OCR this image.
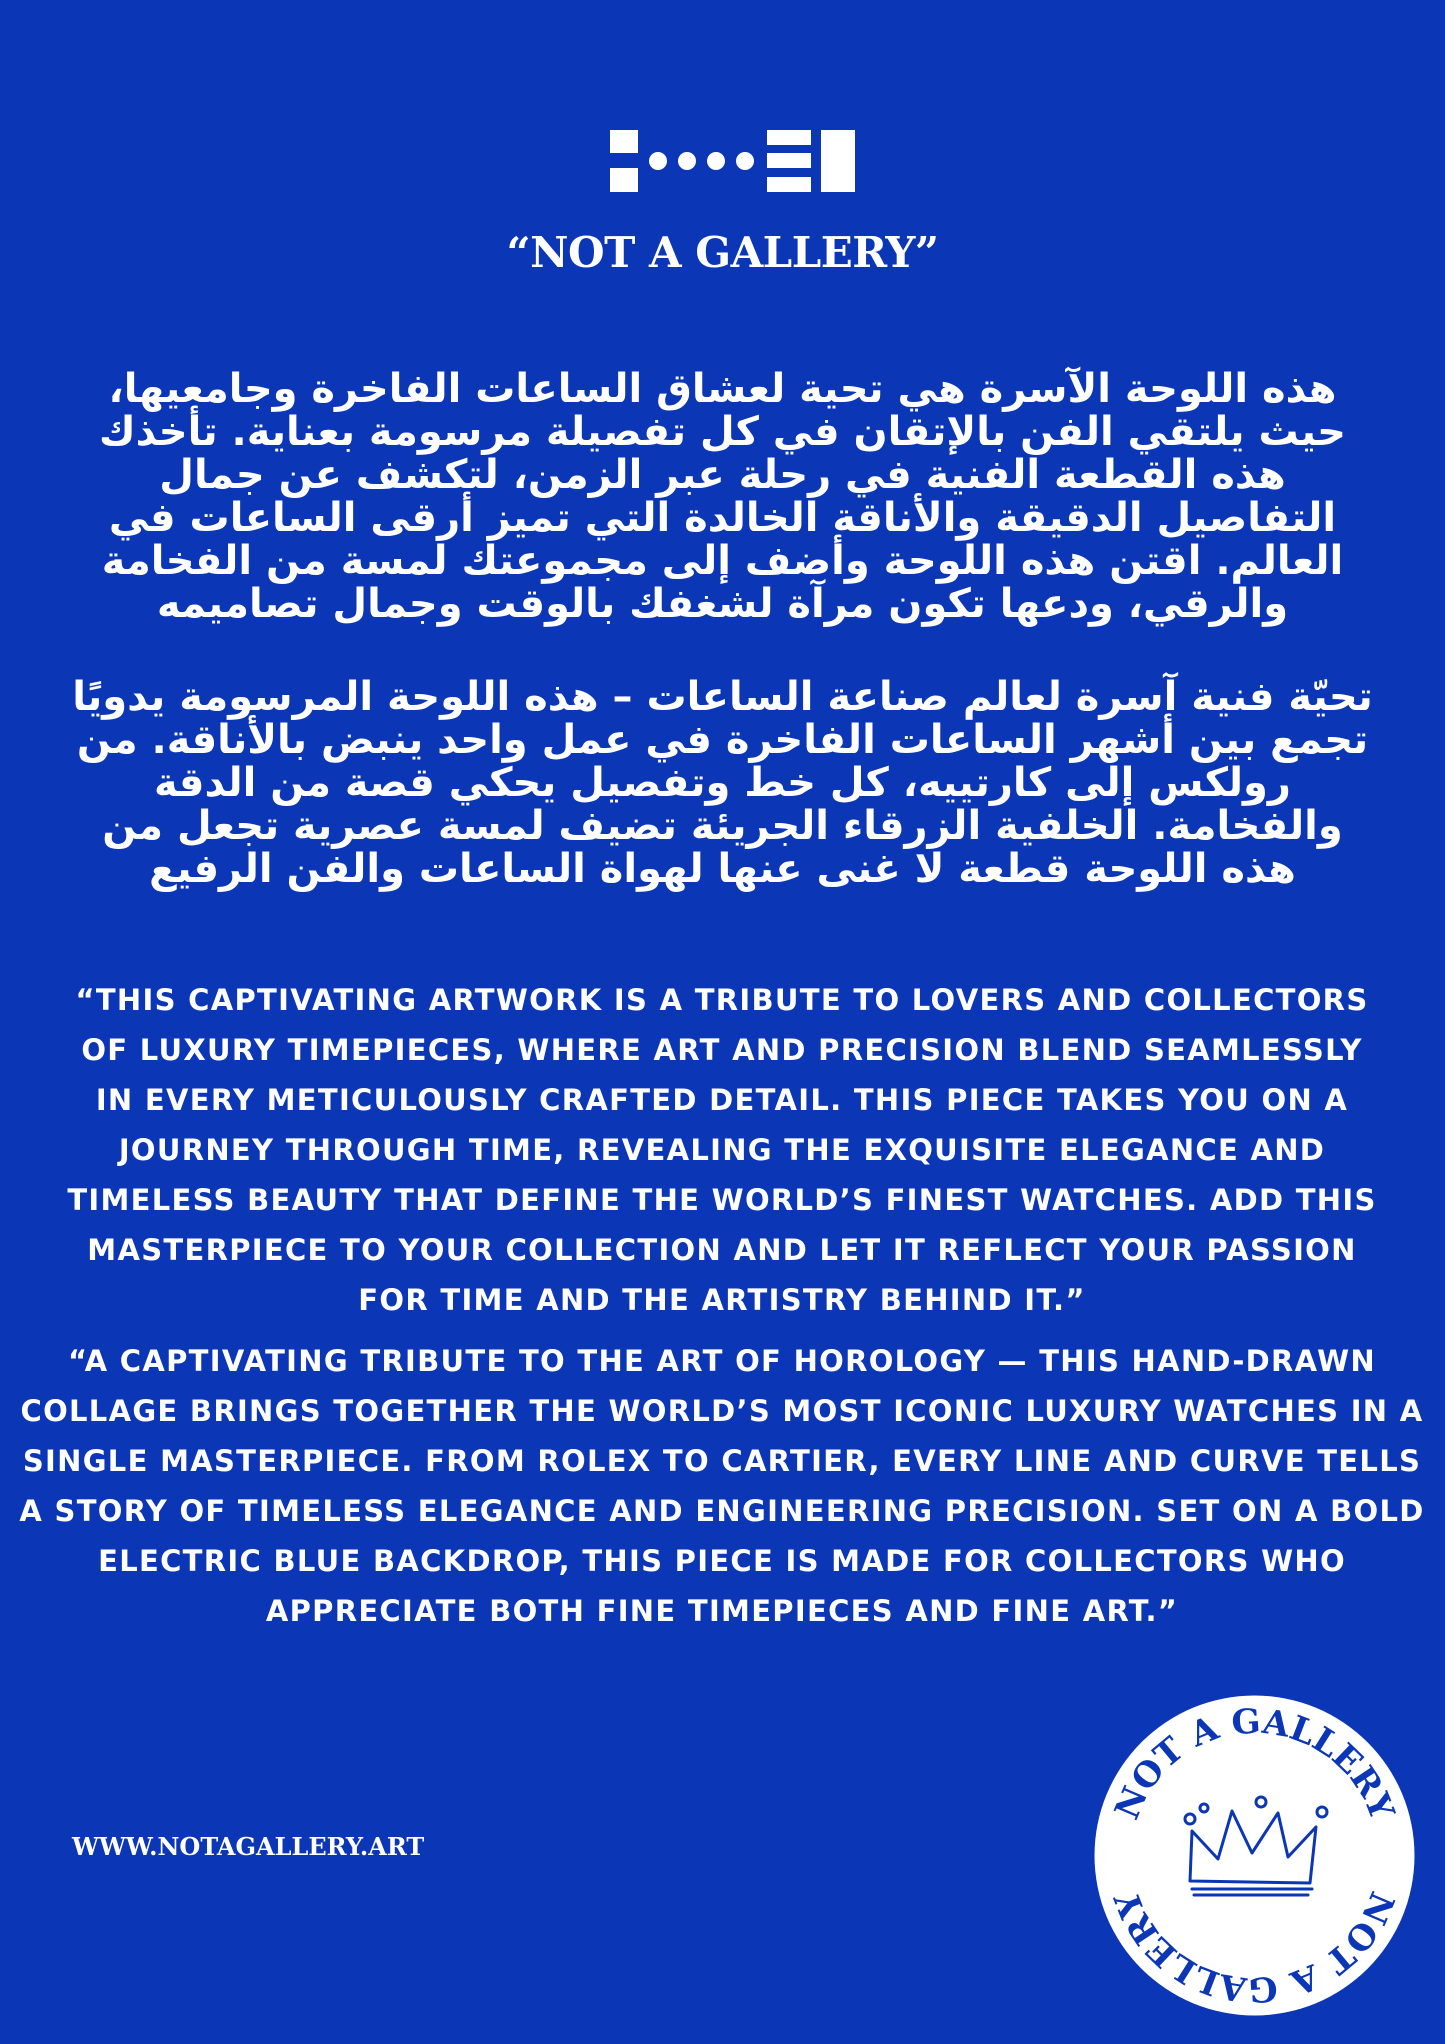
“NOT A GALLERY”

هذه اللوحة الآسرة هي تحية لعشاق الساعات الفاخرة وجامعيها، حيث يلتقي الفن بالإتقان في كل تفصيلة مرسومة بعناية. تأخذك هذه القطعة الفنية في رحلة عبر الزمن، لتكشف عن جمال التفاصيل الدقيقة والأناقة الخالدة التي تميز أرقى الساعات في العالم. اقتن هذه اللوحة وأضف إلى مجموعتك لمسة من الفخامة والرقي، ودعها تكون مرآة لشغفك بالوقت وجمال تصاميمه

تحيّة فنية آسرة لعالم صناعة الساعات – هذه اللوحة المرسومة يدويًا تجمع بين أشهر الساعات الفاخرة في عمل واحد ينبض بالأناقة. من رولكس إلى كارتييه، كل خط وتفصيل يحكي قصة من الدقة والفخامة. الخلفية الزرقاء الجريئة تضيف لمسة عصرية تجعل من هذه اللوحة قطعة لا غنى عنها لهواة الساعات والفن الرفيع

“THIS CAPTIVATING ARTWORK IS A TRIBUTE TO LOVERS AND COLLECTORS OF LUXURY TIMEPIECES, WHERE ART AND PRECISION BLEND SEAMLESSLY IN EVERY METICULOUSLY CRAFTED DETAIL. THIS PIECE TAKES YOU ON A JOURNEY THROUGH TIME, REVEALING THE EXQUISITE ELEGANCE AND TIMELESS BEAUTY THAT DEFINE THE WORLD’S FINEST WATCHES. ADD THIS MASTERPIECE TO YOUR COLLECTION AND LET IT REFLECT YOUR PASSION FOR TIME AND THE ARTISTRY BEHIND IT.”

“A CAPTIVATING TRIBUTE TO THE ART OF HOROLOGY — THIS HAND-DRAWN COLLAGE BRINGS TOGETHER THE WORLD’S MOST ICONIC LUXURY WATCHES IN A SINGLE MASTERPIECE. FROM ROLEX TO CARTIER, EVERY LINE AND CURVE TELLS A STORY OF TIMELESS ELEGANCE AND ENGINEERING PRECISION. SET ON A BOLD ELECTRIC BLUE BACKDROP, THIS PIECE IS MADE FOR COLLECTORS WHO APPRECIATE BOTH FINE TIMEPIECES AND FINE ART.”

WWW.NOTAGALLERY.ART

NOT A GALLERY
NOT A GALLERY
